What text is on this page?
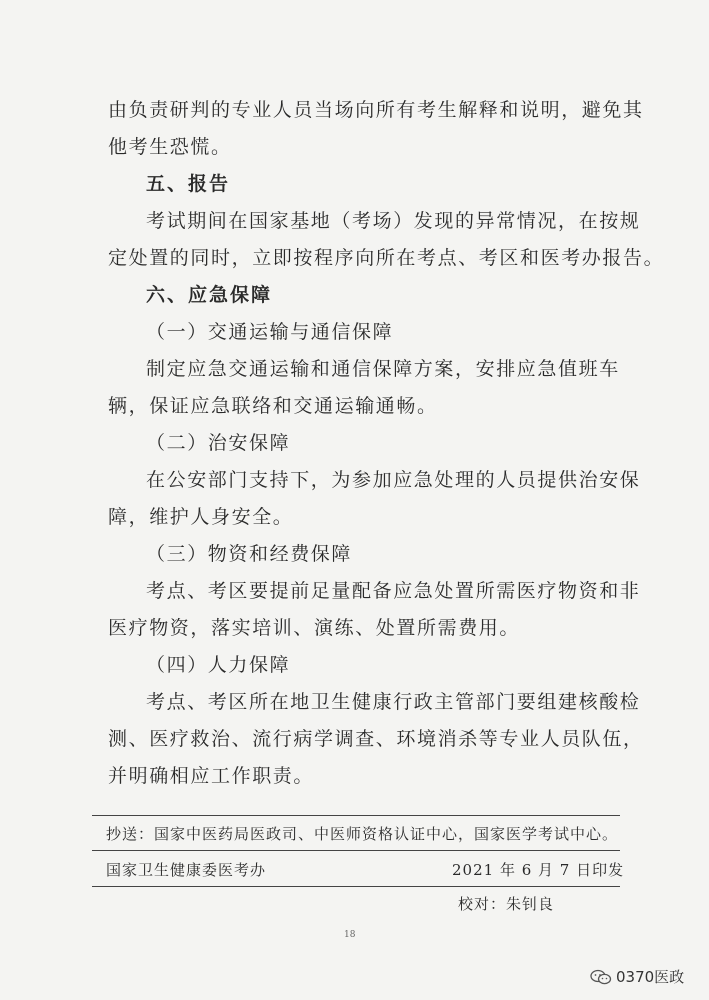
由负责研判的专业人员当场向所有考生解释和说明，避免其
他考生恐慌。
五、报告
考试期间在国家基地（考场）发现的异常情况，在按规
定处置的同时，立即按程序向所在考点、考区和医考办报告。
六、应急保障
（一）交通运输与通信保障
制定应急交通运输和通信保障方案，安排应急值班车
辆，保证应急联络和交通运输通畅。
（二）治安保障
在公安部门支持下，为参加应急处理的人员提供治安保
障，维护人身安全。
（三）物资和经费保障
考点、考区要提前足量配备应急处置所需医疗物资和非
医疗物资，落实培训、演练、处置所需费用。
（四）人力保障
考点、考区所在地卫生健康行政主管部门要组建核酸检
测、医疗救治、流行病学调查、环境消杀等专业人员队伍，
并明确相应工作职责。
抄送：国家中医药局医政司、中医师资格认证中心，国家医学考试中心。
国家卫生健康委医考办	2021 年 6 月 7 日印发
校对：朱钊良
18
0370医政
